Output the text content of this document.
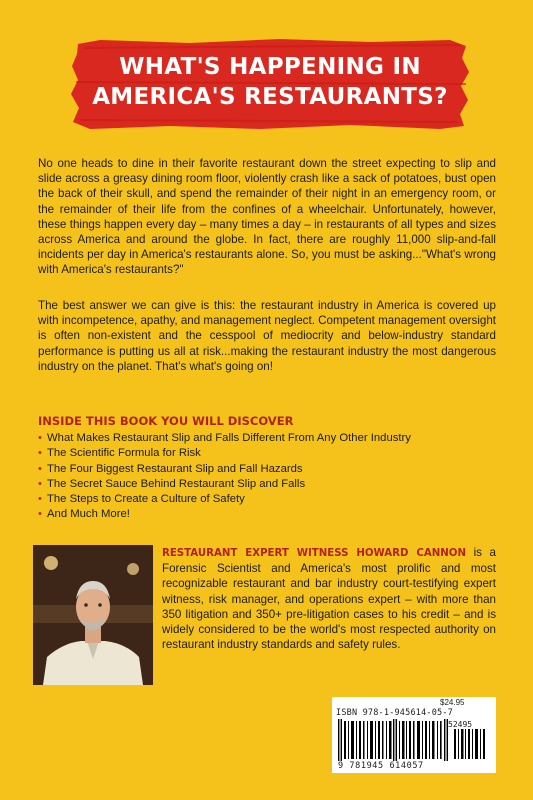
WHAT'S HAPPENING IN
AMERICA'S RESTAURANTS?

No one heads to dine in their favorite restaurant down the street expecting to slip and slide across a greasy dining room floor, violently crash like a sack of potatoes, bust open the back of their skull, and spend the remainder of their night in an emergency room, or the remainder of their life from the confines of a wheelchair. Unfortunately, however, these things happen every day – many times a day – in restaurants of all types and sizes across America and around the globe. In fact, there are roughly 11,000 slip-and-fall incidents per day in America's restaurants alone. So, you must be asking..."What's wrong with America's restaurants?"

The best answer we can give is this: the restaurant industry in America is covered up with incompetence, apathy, and management neglect. Competent management oversight is often non-existent and the cesspool of mediocrity and below-industry standard performance is putting us all at risk...making the restaurant industry the most dangerous industry on the planet. That's what's going on!

INSIDE THIS BOOK YOU WILL DISCOVER

• What Makes Restaurant Slip and Falls Different From Any Other Industry
• The Scientific Formula for Risk
• The Four Biggest Restaurant Slip and Fall Hazards
• The Secret Sauce Behind Restaurant Slip and Falls
• The Steps to Create a Culture of Safety
• And Much More!

RESTAURANT EXPERT WITNESS HOWARD CANNON is a Forensic Scientist and America's most prolific and most recognizable restaurant and bar industry court-testifying expert witness, risk manager, and operations expert – with more than 350 litigation and 350+ pre-litigation cases to his credit – and is widely considered to be the world's most respected authority on restaurant industry standards and safety rules.

$24.95
ISBN 978-1-945614-05-7
52495
9 781945 614057
